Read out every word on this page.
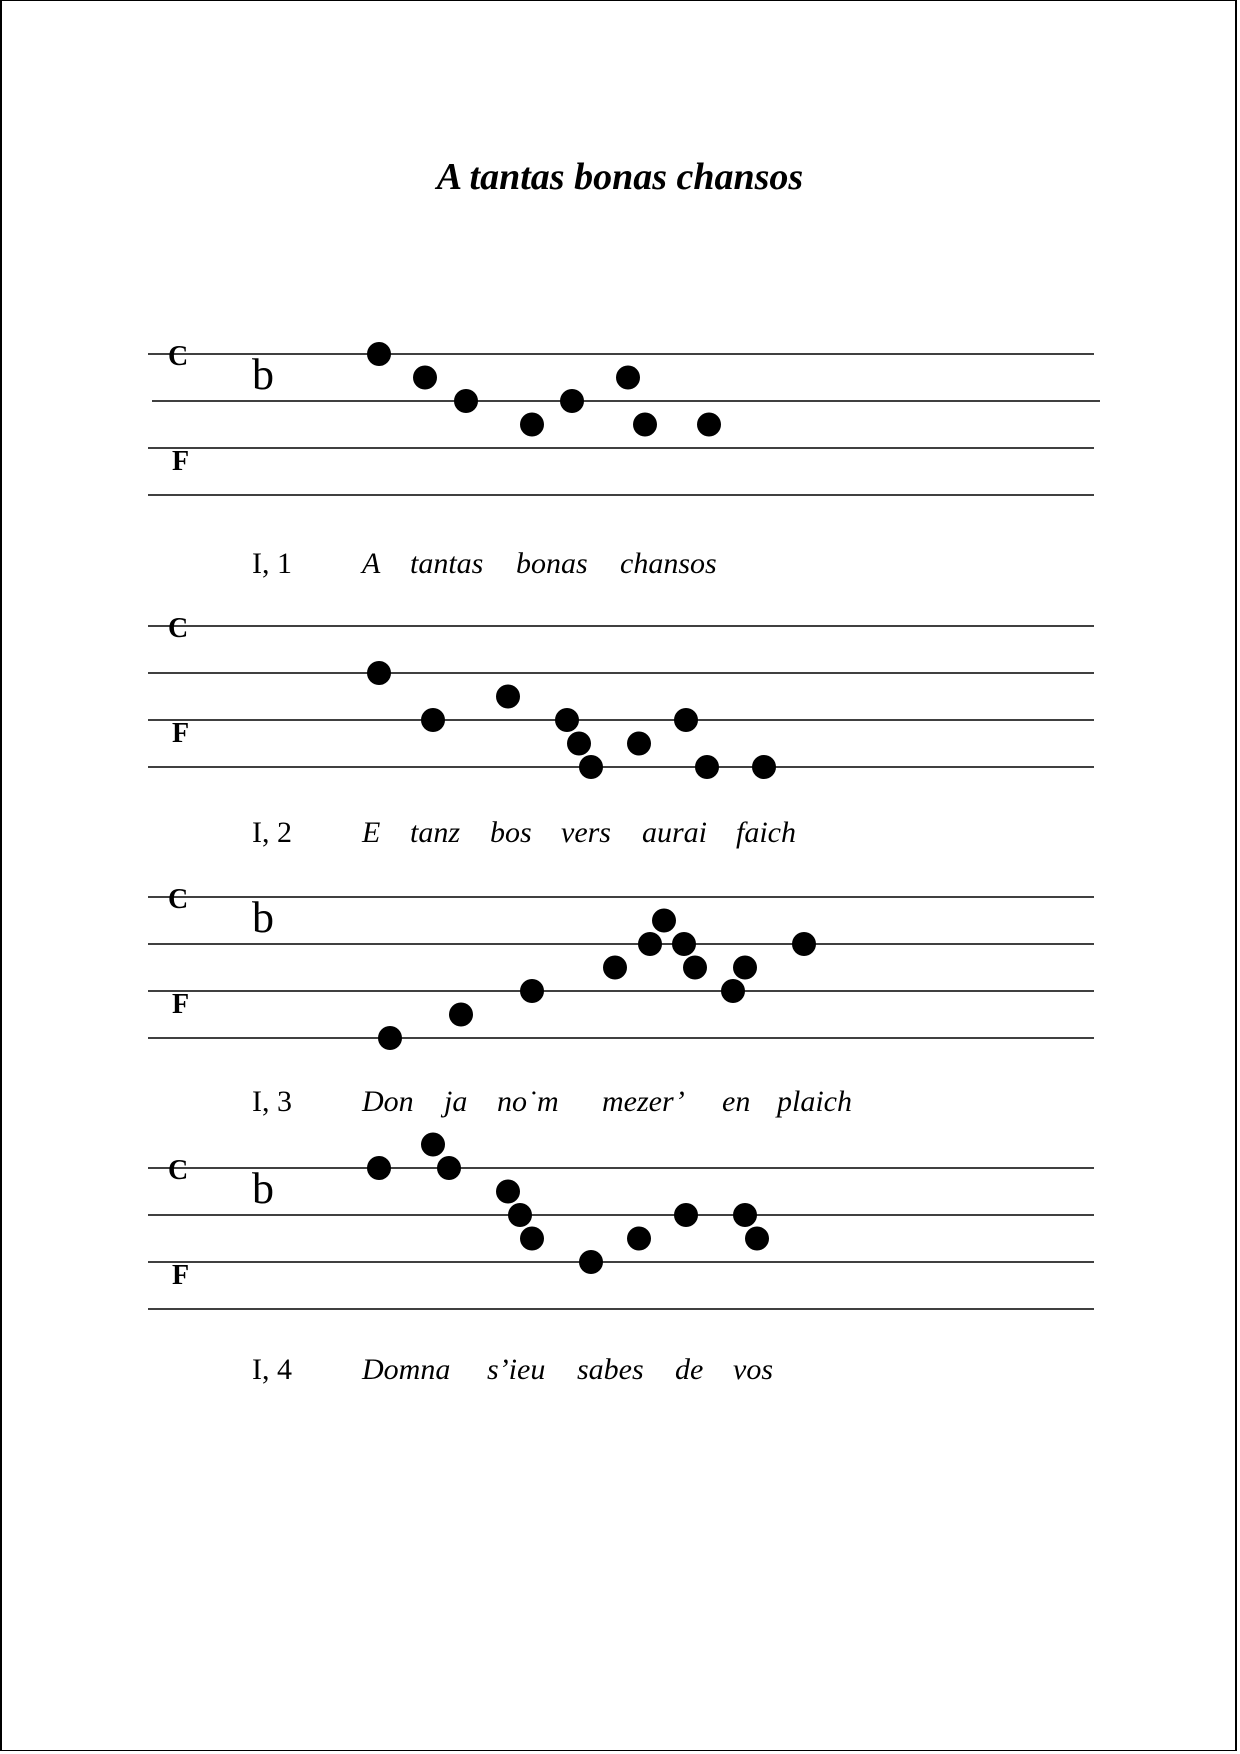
A tantas bonas chansos
C
F
b
C
F
C
F
b
C
F
b
I, 1 A tantas bonas chansos
I, 2 E tanz bos vers aurai faich
I, 3 Don ja no˙m mezer’ en plaich
I, 4 Domna s’ieu sabes de vos
